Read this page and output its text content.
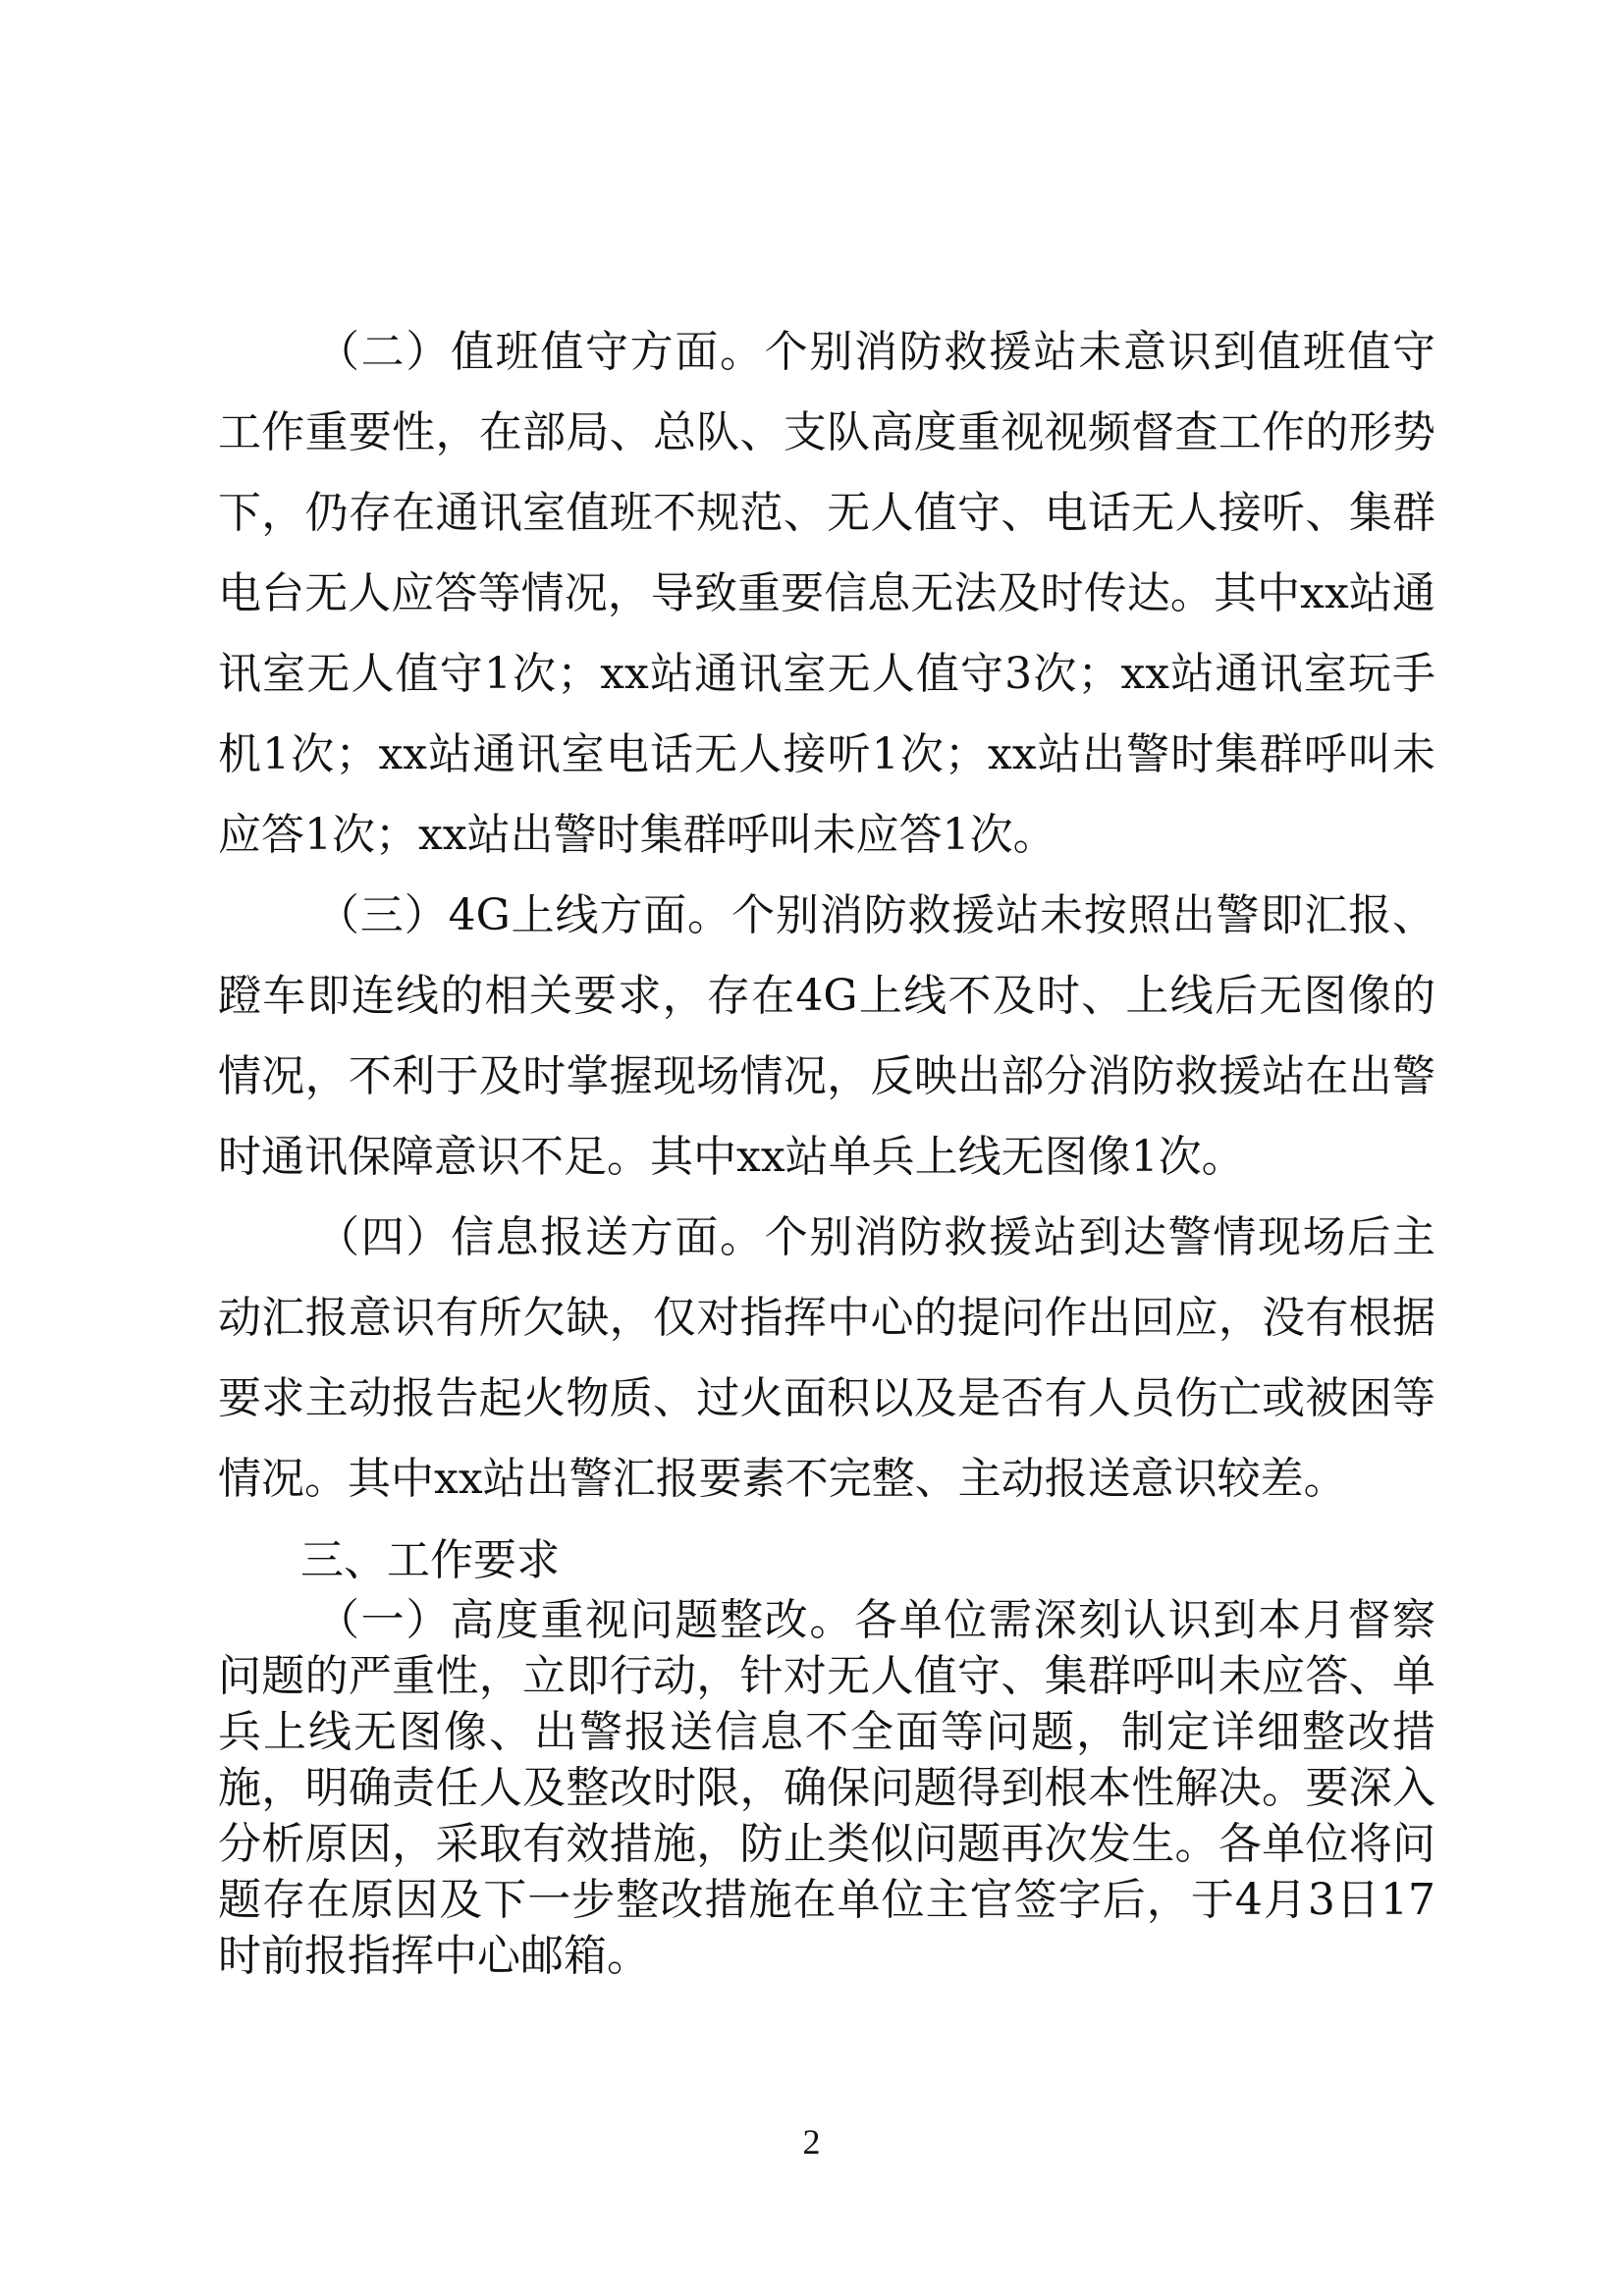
（二）值班值守方面。个别消防救援站未意识到值班值守工作重要性，在部局、总队、支队高度重视视频督查工作的形势下，仍存在通讯室值班不规范、无人值守、电话无人接听、集群电台无人应答等情况，导致重要信息无法及时传达。其中xx站通讯室无人值守1次；xx站通讯室无人值守3次；xx站通讯室玩手机1次；xx站通讯室电话无人接听1次；xx站出警时集群呼叫未应答1次；xx站出警时集群呼叫未应答1次。

（三）4G上线方面。个别消防救援站未按照出警即汇报、蹬车即连线的相关要求，存在4G上线不及时、上线后无图像的情况，不利于及时掌握现场情况，反映出部分消防救援站在出警时通讯保障意识不足。其中xx站单兵上线无图像1次。

（四）信息报送方面。个别消防救援站到达警情现场后主动汇报意识有所欠缺，仅对指挥中心的提问作出回应，没有根据要求主动报告起火物质、过火面积以及是否有人员伤亡或被困等情况。其中xx站出警汇报要素不完整、主动报送意识较差。

三、工作要求

（一）高度重视问题整改。各单位需深刻认识到本月督察问题的严重性，立即行动，针对无人值守、集群呼叫未应答、单兵上线无图像、出警报送信息不全面等问题，制定详细整改措施，明确责任人及整改时限，确保问题得到根本性解决。要深入分析原因，采取有效措施，防止类似问题再次发生。各单位将问题存在原因及下一步整改措施在单位主官签字后，于4月3日17时前报指挥中心邮箱。

2
